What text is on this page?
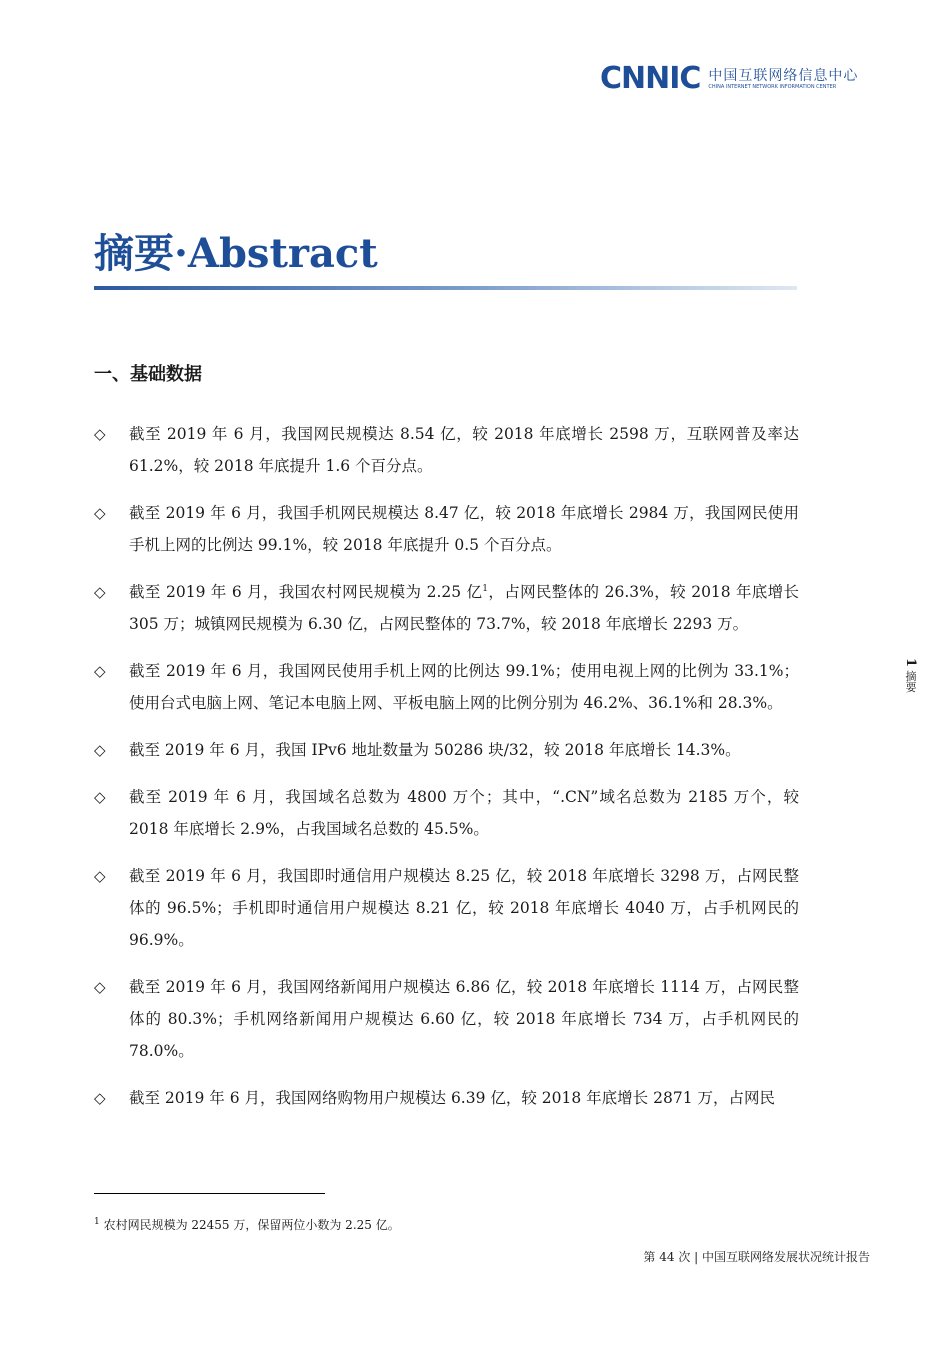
CNNIC 中国互联网络信息中心
CHINA INTERNET NETWORK INFORMATION CENTER
摘要·Abstract
一、基础数据
◇ 截至 2019 年 6 月，我国网民规模达 8.54 亿，较 2018 年底增长 2598 万，互联网普及率达 61.2%，较 2018 年底提升 1.6 个百分点。
◇ 截至 2019 年 6 月，我国手机网民规模达 8.47 亿，较 2018 年底增长 2984 万，我国网民使用手机上网的比例达 99.1%，较 2018 年底提升 0.5 个百分点。
◇ 截至 2019 年 6 月，我国农村网民规模为 2.25 亿$^1$，占网民整体的 26.3%，较 2018 年底增长 305 万；城镇网民规模为 6.30 亿，占网民整体的 73.7%，较 2018 年底增长 2293 万。
◇ 截至 2019 年 6 月，我国网民使用手机上网的比例达 99.1%；使用电视上网的比例为 33.1%；使用台式电脑上网、笔记本电脑上网、平板电脑上网的比例分别为 46.2%、36.1%和 28.3%。
◇ 截至 2019 年 6 月，我国 IPv6 地址数量为 50286 块/32，较 2018 年底增长 14.3%。
◇ 截至 2019 年 6 月，我国域名总数为 4800 万个；其中，“.CN”域名总数为 2185 万个，较 2018 年底增长 2.9%，占我国域名总数的 45.5%。
◇ 截至 2019 年 6 月，我国即时通信用户规模达 8.25 亿，较 2018 年底增长 3298 万，占网民整体的 96.5%；手机即时通信用户规模达 8.21 亿，较 2018 年底增长 4040 万，占手机网民的 96.9%。
◇ 截至 2019 年 6 月，我国网络新闻用户规模达 6.86 亿，较 2018 年底增长 1114 万，占网民整体的 80.3%；手机网络新闻用户规模达 6.60 亿，较 2018 年底增长 734 万，占手机网民的 78.0%。
◇ 截至 2019 年 6 月，我国网络购物用户规模达 6.39 亿，较 2018 年底增长 2871 万，占网民
1 摘要
$^1$ 农村网民规模为 22455 万，保留两位小数为 2.25 亿。
第 44 次 | 中国互联网络发展状况统计报告
